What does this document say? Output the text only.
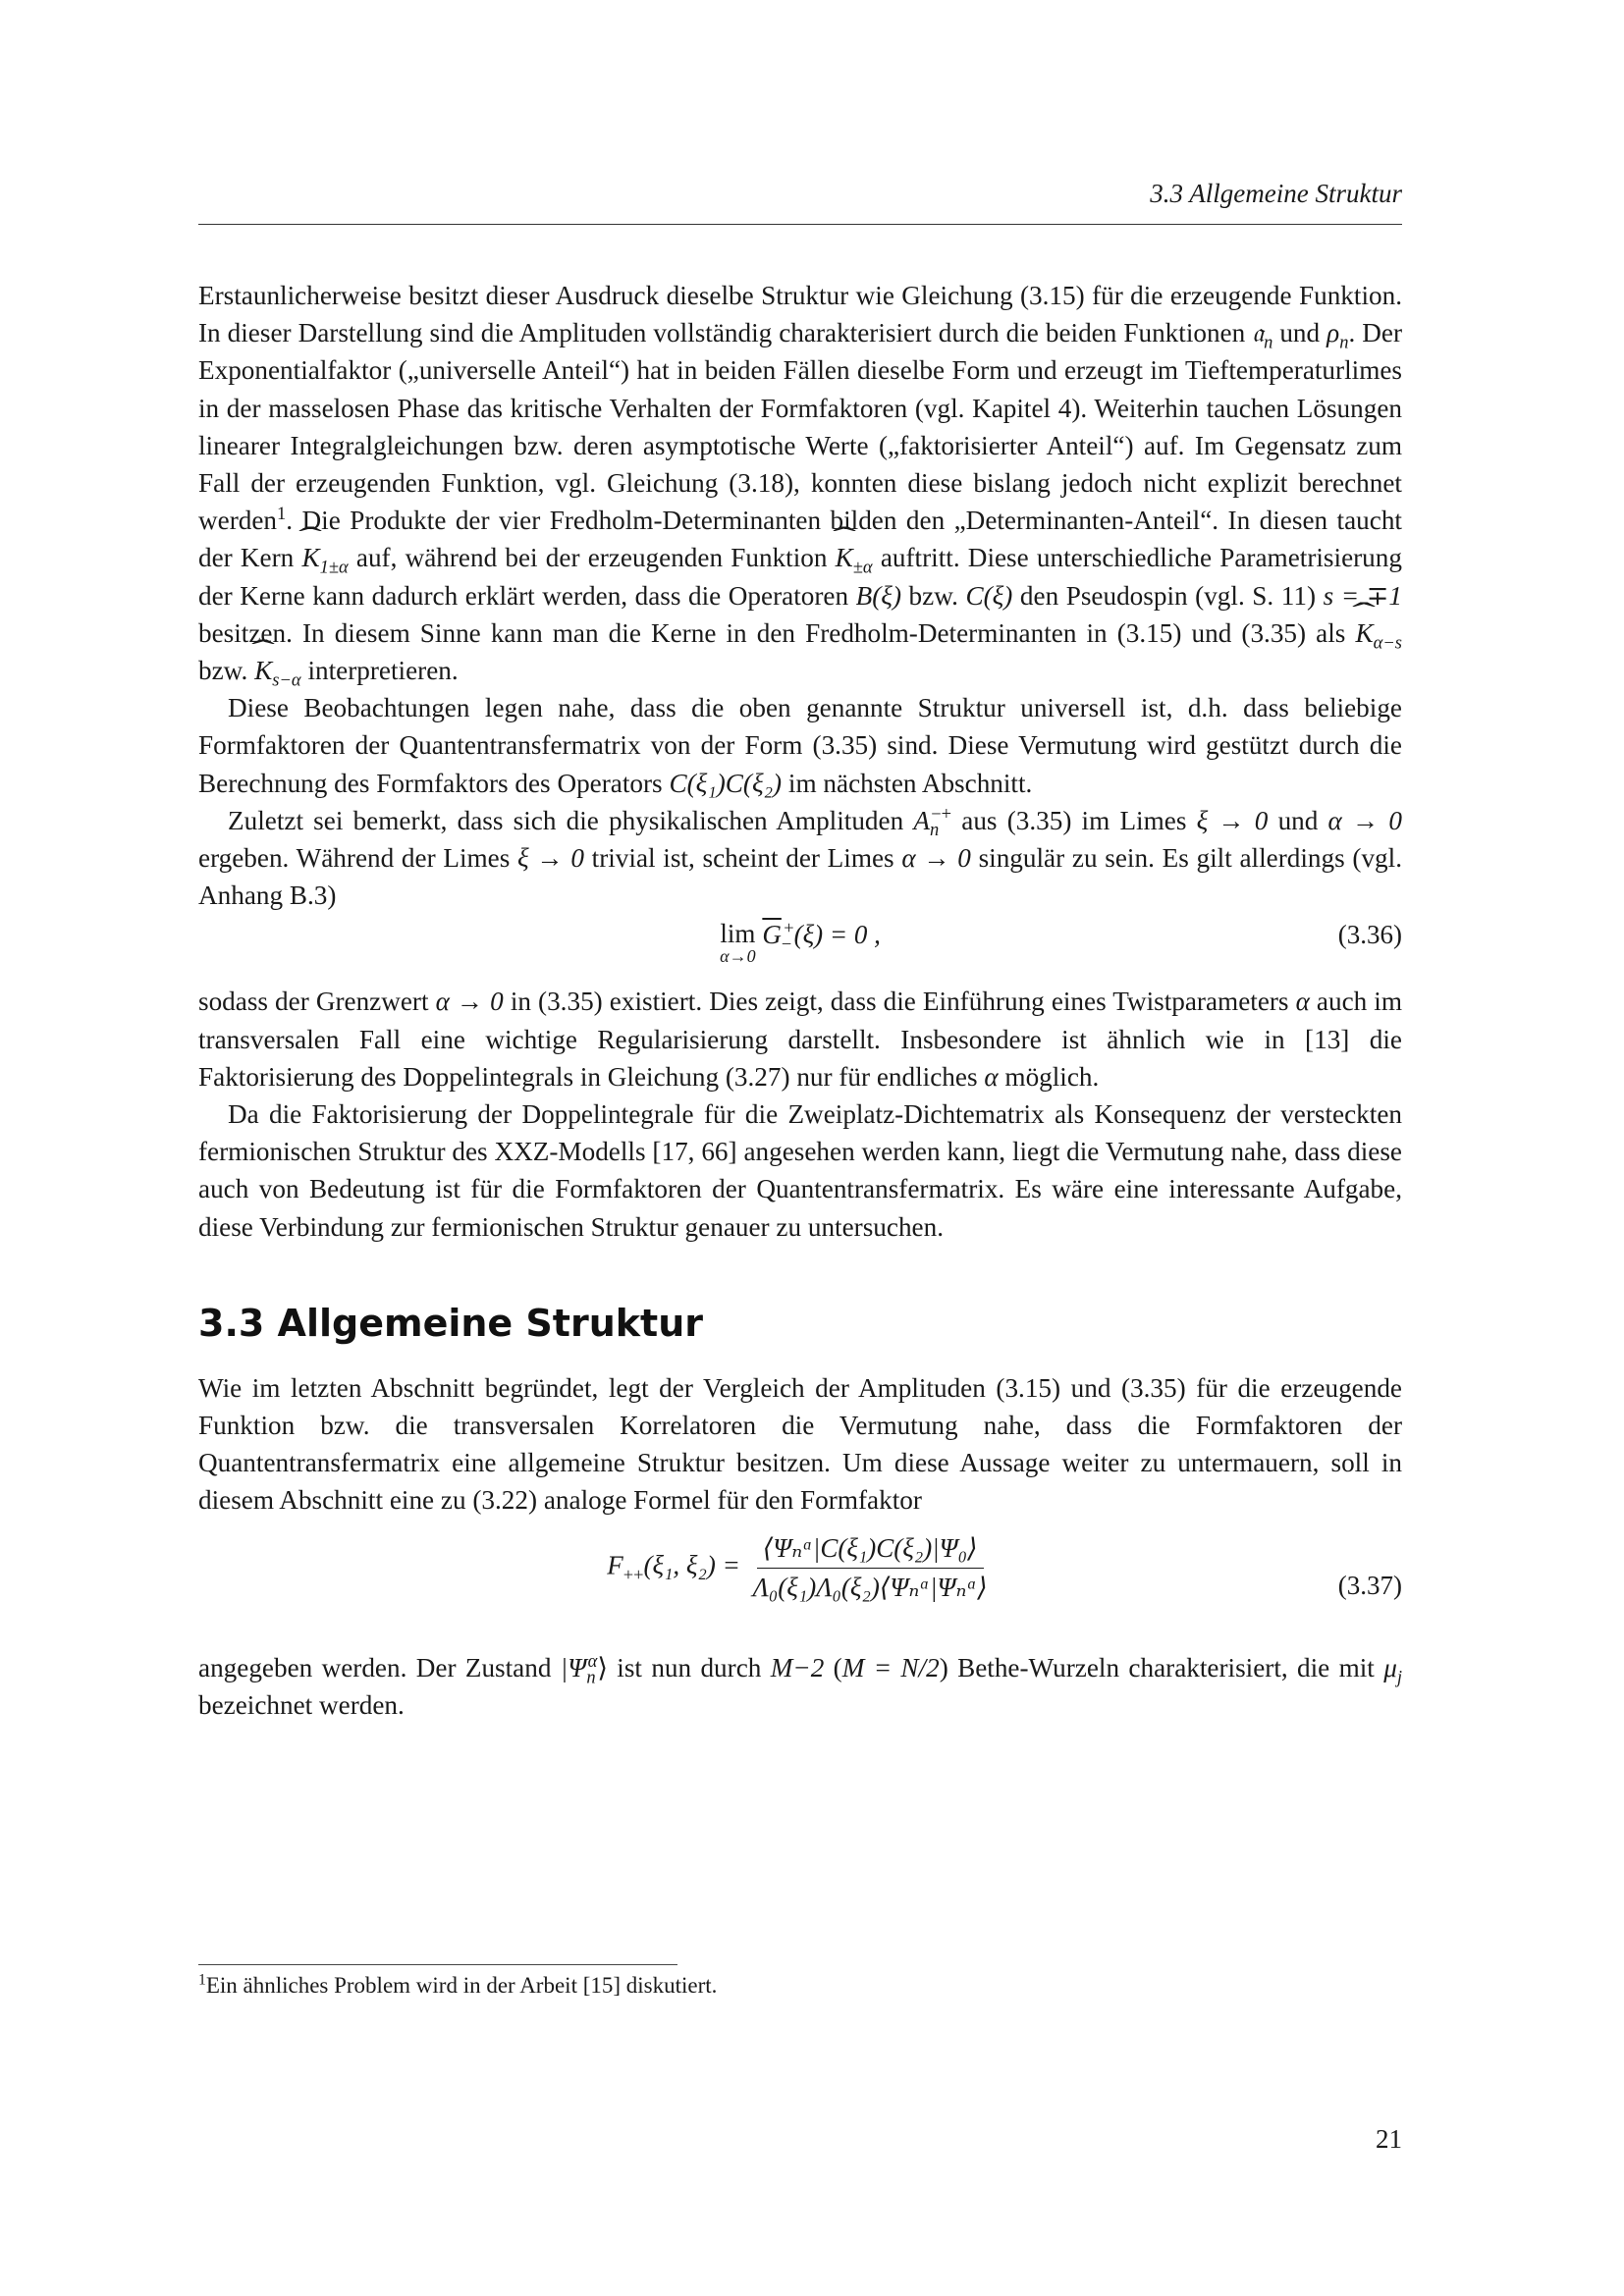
3.3 Allgemeine Struktur

Erstaunlicherweise besitzt dieser Ausdruck dieselbe Struktur wie Gleichung (3.15) für die erzeugende Funktion. In dieser Darstellung sind die Amplituden vollständig charakterisiert durch die beiden Funktionen 𝔞$_n$ und $\rho_n$. Der Exponentialfaktor („universelle Anteil“) hat in beiden Fällen dieselbe Form und erzeugt im Tieftemperaturlimes in der masselosen Phase das kritische Verhalten der Formfaktoren (vgl. Kapitel 4). Weiterhin tauchen Lösungen linearer Integralgleichungen bzw. deren asymptotische Werte („faktorisierter Anteil“) auf. Im Gegensatz zum Fall der erzeugenden Funktion, vgl. Gleichung (3.18), konnten diese bislang jedoch nicht explizit berechnet werden$^1$. Die Produkte der vier Fredholm-Determinanten bilden den „Determinanten-Anteil“. In diesen taucht der Kern ˆ $K_{1\pm\alpha}$ auf, während bei der erzeugenden Funktion ˆ $K_{\pm\alpha}$ auftritt. Diese unterschiedliche Parametrisierung der Kerne kann dadurch erklärt werden, dass die Operatoren B(ξ) bzw. C(ξ) den Pseudospin (vgl. S. 11) s = ∓1 besitzen. In diesem Sinne kann man die Kerne in den Fredholm-Determinanten in (3.15) und (3.35) als ˆ $K_{\alpha-s}$ bzw. ˆ $K_{s-\alpha}$ interpretieren.

Diese Beobachtungen legen nahe, dass die oben genannte Struktur universell ist, d.h. dass beliebige Formfaktoren der Quantentransfermatrix von der Form (3.35) sind. Diese Vermutung wird gestützt durch die Berechnung des Formfaktors des Operators C(ξ₁)C(ξ₂) im nächsten Abschnitt.

Zuletzt sei bemerkt, dass sich die physikalischen Amplituden $A_n^{-+}$ aus (3.35) im Limes ξ → 0 und α → 0 ergeben. Während der Limes ξ → 0 trivial ist, scheint der Limes α → 0 singulär zu sein. Es gilt allerdings (vgl. Anhang B.3)

lim
α→0
$\overline{G}_-^+(\xi) = 0$ ,	(3.36)

sodass der Grenzwert α → 0 in (3.35) existiert. Dies zeigt, dass die Einführung eines Twistparameters α auch im transversalen Fall eine wichtige Regularisierung darstellt. Insbesondere ist ähnlich wie in [13] die Faktorisierung des Doppelintegrals in Gleichung (3.27) nur für endliches α möglich.

Da die Faktorisierung der Doppelintegrale für die Zweiplatz-Dichtematrix als Konsequenz der versteckten fermionischen Struktur des XXZ-Modells [17, 66] angesehen werden kann, liegt die Vermutung nahe, dass diese auch von Bedeutung ist für die Formfaktoren der Quantentransfermatrix. Es wäre eine interessante Aufgabe, diese Verbindung zur fermionischen Struktur genauer zu untersuchen.

3.3 Allgemeine Struktur

Wie im letzten Abschnitt begründet, legt der Vergleich der Amplituden (3.15) und (3.35) für die erzeugende Funktion bzw. die transversalen Korrelatoren die Vermutung nahe, dass die Formfaktoren der Quantentransfermatrix eine allgemeine Struktur besitzen. Um diese Aussage weiter zu untermauern, soll in diesem Abschnitt eine zu (3.22) analoge Formel für den Formfaktor

$F_{++}(\xi_1$, $\xi_2) = \frac{\text{⟨Ψₙᵅ|C(ξ₁)C(ξ₂)|Ψ₀⟩}}{\text{Λ₀(ξ₁)Λ₀(ξ₂)⟨Ψₙᵅ|Ψₙᵅ⟩}}$	(3.37)

angegeben werden. Der Zustand $|\Psi_n^\alpha⟩$ ist nun durch M−2 (M = N/2) Bethe-Wurzeln charakterisiert, die mit $\mu_j$ bezeichnet werden.

$^1$Ein ähnliches Problem wird in der Arbeit [15] diskutiert.
21
